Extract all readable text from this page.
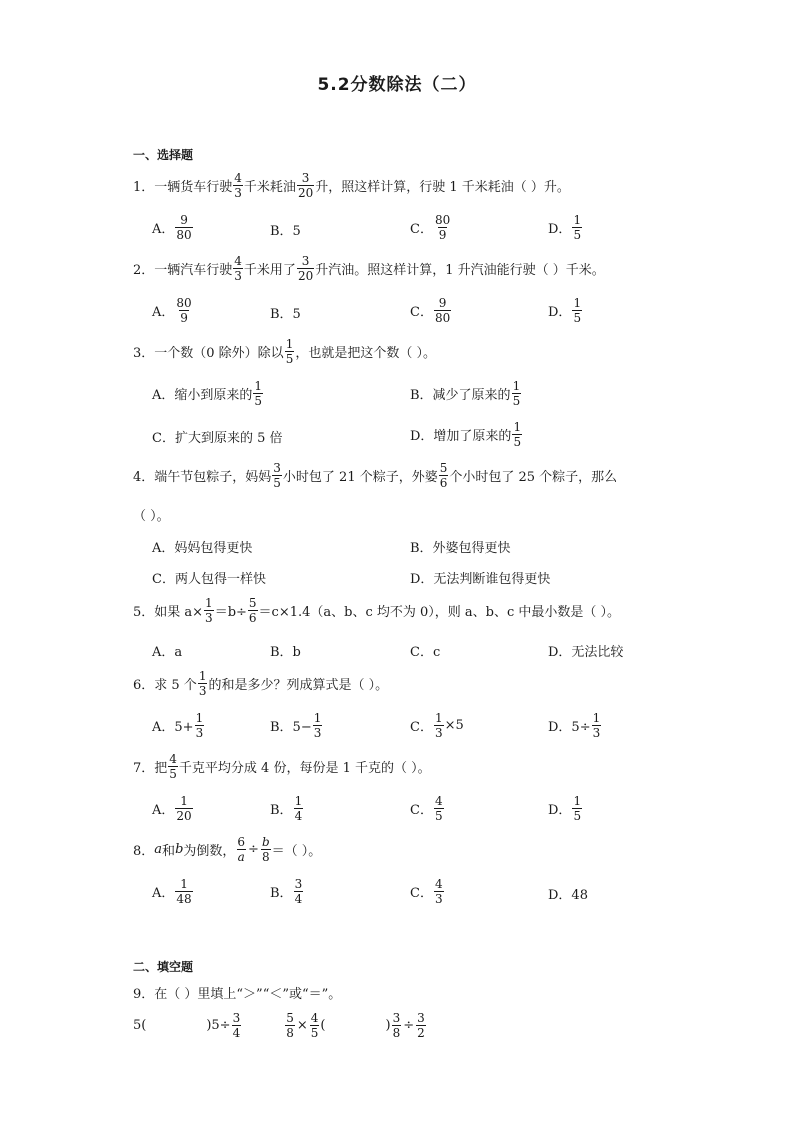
5.2分数除法（二）
一、选择题
1．一辆货车行驶 $\frac{4}{3}$ 千米耗油 $\frac{3}{20}$ 升，照这样计算，行驶 1 千米耗油（ ）升。
A． $\frac{9}{80}$	B．5	C． $\frac{80}{9}$	D． $\frac{1}{5}$
2．一辆汽车行驶 $\frac{4}{3}$ 千米用了 $\frac{3}{20}$ 升汽油。照这样计算，1 升汽油能行驶（ ）千米。
A． $\frac{80}{9}$	B．5	C． $\frac{9}{80}$	D． $\frac{1}{5}$
3．一个数（0 除外）除以 $\frac{1}{5}$ ，也就是把这个数（ ）。
A．缩小到原来的 $\frac{1}{5}$	B．减少了原来的 $\frac{1}{5}$
C．扩大到原来的 5 倍	D．增加了原来的 $\frac{1}{5}$
4．端午节包粽子，妈妈 $\frac{3}{5}$ 小时包了 21 个粽子，外婆 $\frac{5}{6}$ 个小时包了 25 个粽子，那么
（ ）。
A．妈妈包得更快	B．外婆包得更快
C．两人包得一样快	D．无法判断谁包得更快
5．如果 $a\times \frac{1}{3} =b\div \frac{5}{6} =c\times 1.4(a$、b、c 均不为 0），则 a、b、c 中最小数是（ ）。
A．a	B．b	C．c	D．无法比较
6．求 5 个 $\frac{1}{3}$ 的和是多少？列成算式是（ ）。
A．$5+ \frac{1}{3}$	B．$5- \frac{1}{3}$	C． $\frac{1}{3} \times 5$	D．$5\div \frac{1}{3}$
7．把 $\frac{4}{5}$ 千克平均分成 4 份，每份是 1 千克的（ ）。
A． $\frac{1}{20}$	B． $\frac{1}{4}$	C． $\frac{4}{5}$	D． $\frac{1}{5}$
8． a 和 b 为倒数， $\frac{6}{a} \div \frac{b}{8}$ ＝（ ）。
A． $\frac{1}{48}$	B． $\frac{3}{4}$	C． $\frac{4}{3}$	D．48
二、填空题
9．在（ ）里填上“＞”“＜”或“＝”。
5(	)$5\div \frac{3}{4}$	$\frac{5}{8} \times \frac{4}{5}$ (	) $\frac{3}{8} \div \frac{3}{2}$
